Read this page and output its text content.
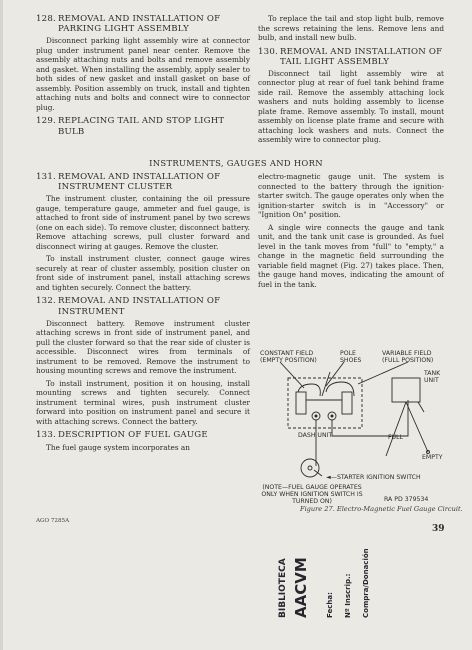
128. REMOVAL AND INSTALLATION OF
PARKING LIGHT ASSEMBLY

Disconnect parking light assembly wire at connector plug under instrument panel near center. Remove the assembly attaching nuts and bolts and remove assembly and gasket. When installing the assembly, apply sealer to both sides of new gasket and install gasket on base of assembly. Position assembly on truck, install and tighten attaching nuts and bolts and connect wire to connector plug.

129. REPLACING TAIL AND STOP LIGHT
BULB

To replace the tail and stop light bulb, remove the screws retaining the lens. Remove lens and bulb, and install new bulb.

130. REMOVAL AND INSTALLATION OF
TAIL LIGHT ASSEMBLY

Disconnect tail light assembly wire at connector plug at rear of fuel tank behind frame side rail. Remove the assembly attaching lock washers and nuts holding assembly to license plate frame. Remove assembly. To install, mount assembly on license plate frame and secure with attaching lock washers and nuts. Connect the assembly wire to connector plug.

INSTRUMENTS, GAUGES AND HORN
131. REMOVAL AND INSTALLATION OF
INSTRUMENT CLUSTER

The instrument cluster, containing the oil pressure gauge, temperature gauge, ammeter and fuel gauge, is attached to front side of instrument panel by two screws (one on each side). To remove cluster, disconnect battery. Remove attaching screws, pull cluster forward and disconnect wiring at gauges. Remove the cluster.

To install instrument cluster, connect gauge wires securely at rear of cluster assembly, position cluster on front side of instrument panel, install attaching screws and tighten securely. Connect the battery.

132. REMOVAL AND INSTALLATION OF
INSTRUMENT

Disconnect battery. Remove instrument cluster attaching screws in front side of instrument panel, and pull the cluster forward so that the rear side of cluster is accessible. Disconnect wires from terminals of instrument to be removed. Remove the instrument to housing mounting screws and remove the instrument.

To install instrument, position it on housing, install mounting screws and tighten securely. Connect instrument terminal wires, push instrument cluster forward into position on instrument panel and secure it with attaching screws. Connect the battery.

133. DESCRIPTION OF FUEL GAUGE

The fuel gauge system incorporates an

electro-magnetic gauge unit. The system is connected to the battery through the ignition-starter switch. The gauge operates only when the ignition-starter switch is in "Accessory" or "Ignition On" position.

A single wire connects the gauge and tank unit, and the tank unit case is grounded. As fuel level in the tank moves from "full" to "empty," a change in the magnetic field surrounding the variable field magnet (Fig. 27) takes place. Then, the gauge hand moves, indicating the amount of fuel in the tank.

CONSTANT FIELD
(EMPTY POSITION)
POLE
SHOES
VARIABLE FIELD
(FULL POSITION)
TANK
UNIT
DASH UNIT	FULL
EMPTY
◄—STARTER IGNITION SWITCH
(NOTE—FUEL GAUGE OPERATES
ONLY WHEN IGNITION SWITCH IS
TURNED ON)	RA PD 379534
Figure 27. Electro-Magnetic Fuel Gauge Circuit.
AGO 7285A
39
BIBLIOTECA AACVM Fecha: Nº Inscrip.: Compra/Donación
